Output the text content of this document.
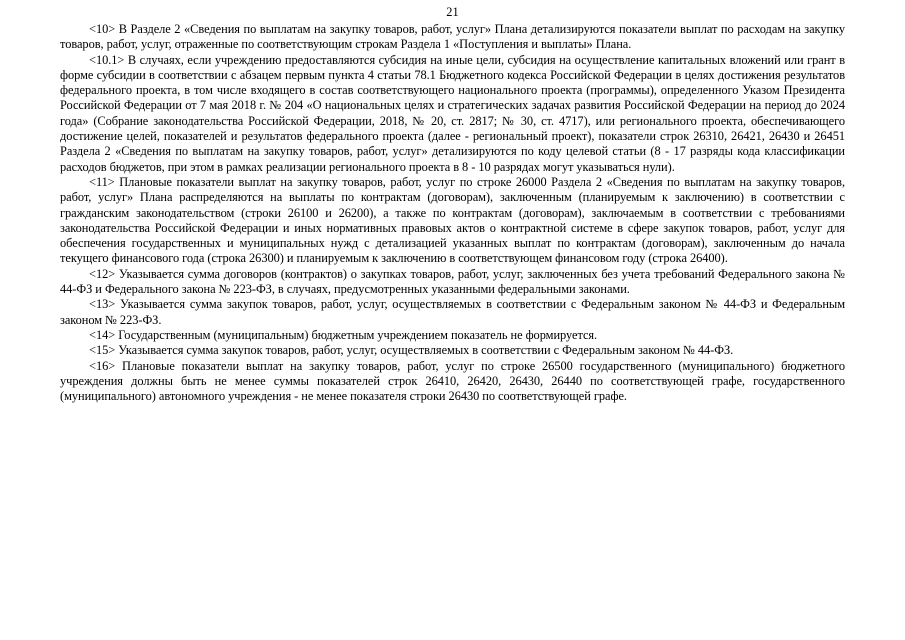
21

<10> В Разделе 2 «Сведения по выплатам на закупку товаров, работ, услуг» Плана детализируются показатели выплат по расходам на закупку товаров, работ, услуг, отраженные по соответствующим строкам Раздела 1 «Поступления и выплаты» Плана.

<10.1> В случаях, если учреждению предоставляются субсидия на иные цели, субсидия на осуществление капитальных вложений или грант в форме субсидии в соответствии с абзацем первым пункта 4 статьи 78.1 Бюджетного кодекса Российской Федерации в целях достижения результатов федерального проекта, в том числе входящего в состав соответствующего национального проекта (программы), определенного Указом Президента Российской Федерации от 7 мая 2018 г. № 204 «О национальных целях и стратегических задачах развития Российской Федерации на период до 2024 года» (Собрание законодательства Российской Федерации, 2018, № 20, ст. 2817; № 30, ст. 4717), или регионального проекта, обеспечивающего достижение целей, показателей и результатов федерального проекта (далее - региональный проект), показатели строк 26310, 26421, 26430 и 26451 Раздела 2 «Сведения по выплатам на закупку товаров, работ, услуг» детализируются по коду целевой статьи (8 - 17 разряды кода классификации расходов бюджетов, при этом в рамках реализации регионального проекта в 8 - 10 разрядах могут указываться нули).

<11> Плановые показатели выплат на закупку товаров, работ, услуг по строке 26000 Раздела 2 «Сведения по выплатам на закупку товаров, работ, услуг» Плана распределяются на выплаты по контрактам (договорам), заключенным (планируемым к заключению) в соответствии с гражданским законодательством (строки 26100 и 26200), а также по контрактам (договорам), заключаемым в соответствии с требованиями законодательства Российской Федерации и иных нормативных правовых актов о контрактной системе в сфере закупок товаров, работ, услуг для обеспечения государственных и муниципальных нужд с детализацией указанных выплат по контрактам (договорам), заключенным до начала текущего финансового года (строка 26300) и планируемым к заключению в соответствующем финансовом году (строка 26400).

<12> Указывается сумма договоров (контрактов) о закупках товаров, работ, услуг, заключенных без учета требований Федерального закона № 44-ФЗ и Федерального закона № 223-ФЗ, в случаях, предусмотренных указанными федеральными законами.

<13> Указывается сумма закупок товаров, работ, услуг, осуществляемых в соответствии с Федеральным законом № 44-ФЗ и Федеральным законом № 223-ФЗ.

<14> Государственным (муниципальным) бюджетным учреждением показатель не формируется.

<15> Указывается сумма закупок товаров, работ, услуг, осуществляемых в соответствии с Федеральным законом № 44-ФЗ.

<16> Плановые показатели выплат на закупку товаров, работ, услуг по строке 26500 государственного (муниципального) бюджетного учреждения должны быть не менее суммы показателей строк 26410, 26420, 26430, 26440 по соответствующей графе, государственного (муниципального) автономного учреждения - не менее показателя строки 26430 по соответствующей графе.
